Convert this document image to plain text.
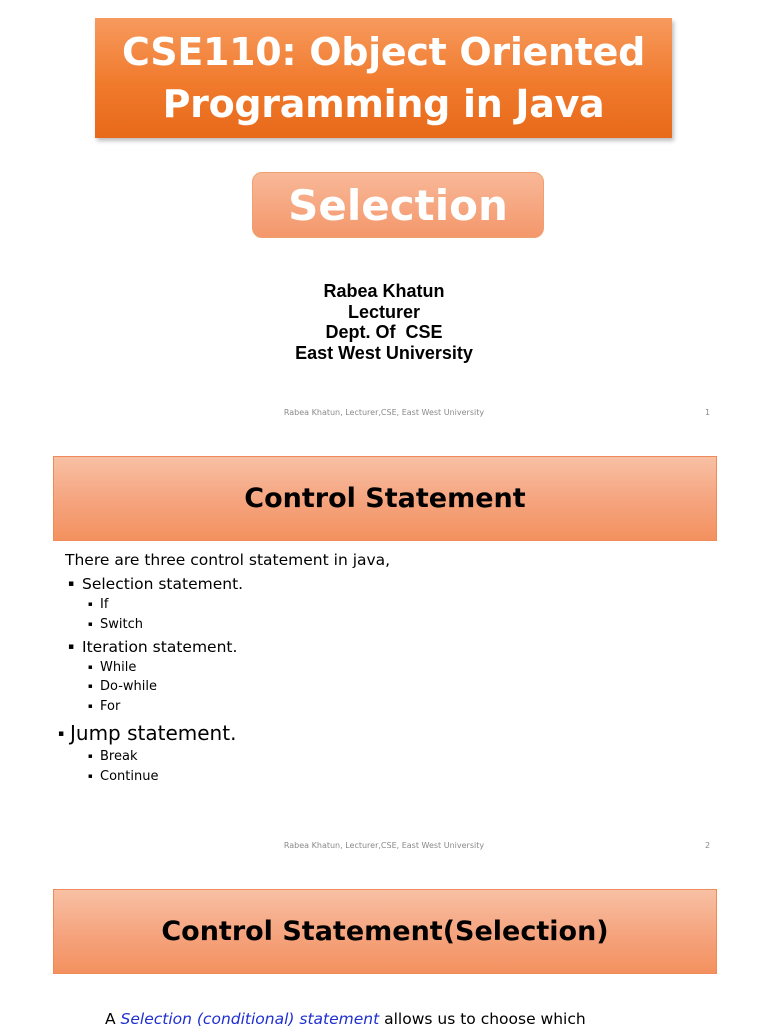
CSE110: Object Oriented
Programming in Java
Selection
Rabea Khatun
Lecturer
Dept. Of  CSE
East West University
Rabea Khatun, Lecturer,CSE, East West University	1
Control Statement
There are three control statement in java,
▪ Selection statement.
▪ If
▪ Switch
▪ Iteration statement.
▪ While
▪ Do-while
▪ For
▪ Jump statement.
▪ Break
▪ Continue
Rabea Khatun, Lecturer,CSE, East West University	2
Control Statement(Selection)
A Selection (conditional) statement allows us to choose which
